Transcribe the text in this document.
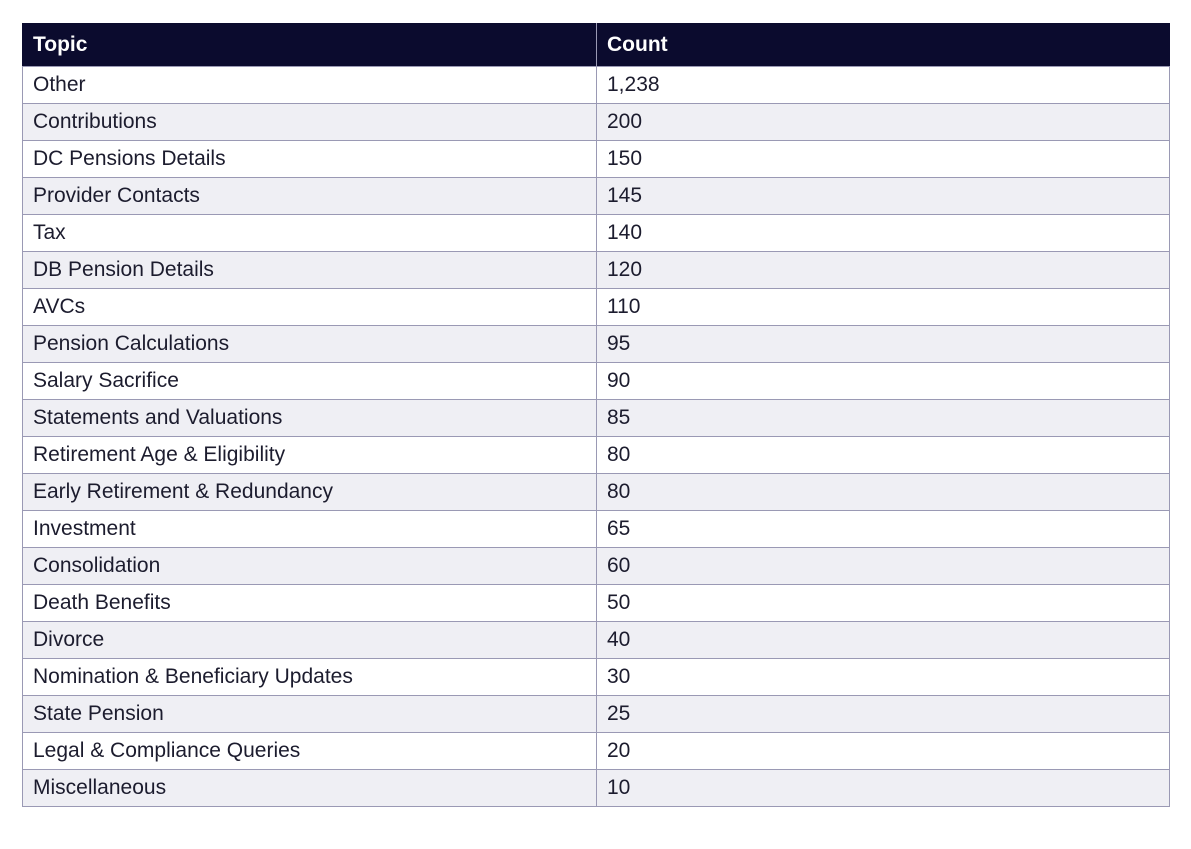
Topic	Count
Other	1,238
Contributions	200
DC Pensions Details	150
Provider Contacts	145
Tax	140
DB Pension Details	120
AVCs	110
Pension Calculations	95
Salary Sacrifice	90
Statements and Valuations	85
Retirement Age & Eligibility	80
Early Retirement & Redundancy	80
Investment	65
Consolidation	60
Death Benefits	50
Divorce	40
Nomination & Beneficiary Updates	30
State Pension	25
Legal & Compliance Queries	20
Miscellaneous	10
